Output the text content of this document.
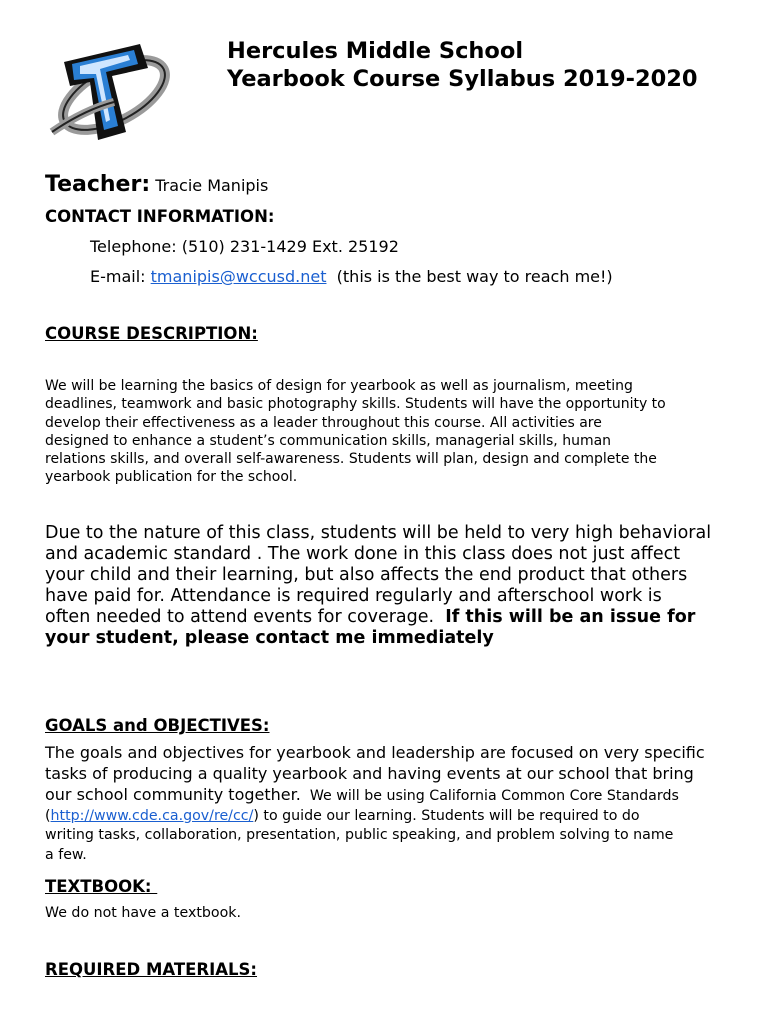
Hercules Middle School
Yearbook Course Syllabus 2019-2020
Teacher: Tracie Manipis
CONTACT INFORMATION:
Telephone: (510) 231-1429 Ext. 25192
E-mail: tmanipis@wccusd.net  (this is the best way to reach me!)
COURSE DESCRIPTION:
We will be learning the basics of design for yearbook as well as journalism, meeting
deadlines, teamwork and basic photography skills. Students will have the opportunity to
develop their effectiveness as a leader throughout this course. All activities are
designed to enhance a student’s communication skills, managerial skills, human
relations skills, and overall self-awareness. Students will plan, design and complete the
yearbook publication for the school.
Due to the nature of this class, students will be held to very high behavioral
and academic standard . The work done in this class does not just affect
your child and their learning, but also affects the end product that others
have paid for. Attendance is required regularly and afterschool work is
often needed to attend events for coverage.  If this will be an issue for
your student, please contact me immediately
GOALS and OBJECTIVES:
The goals and objectives for yearbook and leadership are focused on very specific
tasks of producing a quality yearbook and having events at our school that bring
our school community together.  We will be using California Common Core Standards
(http://www.cde.ca.gov/re/cc/) to guide our learning. Students will be required to do
writing tasks, collaboration, presentation, public speaking, and problem solving to name
a few.
TEXTBOOK:
We do not have a textbook.
REQUIRED MATERIALS:
